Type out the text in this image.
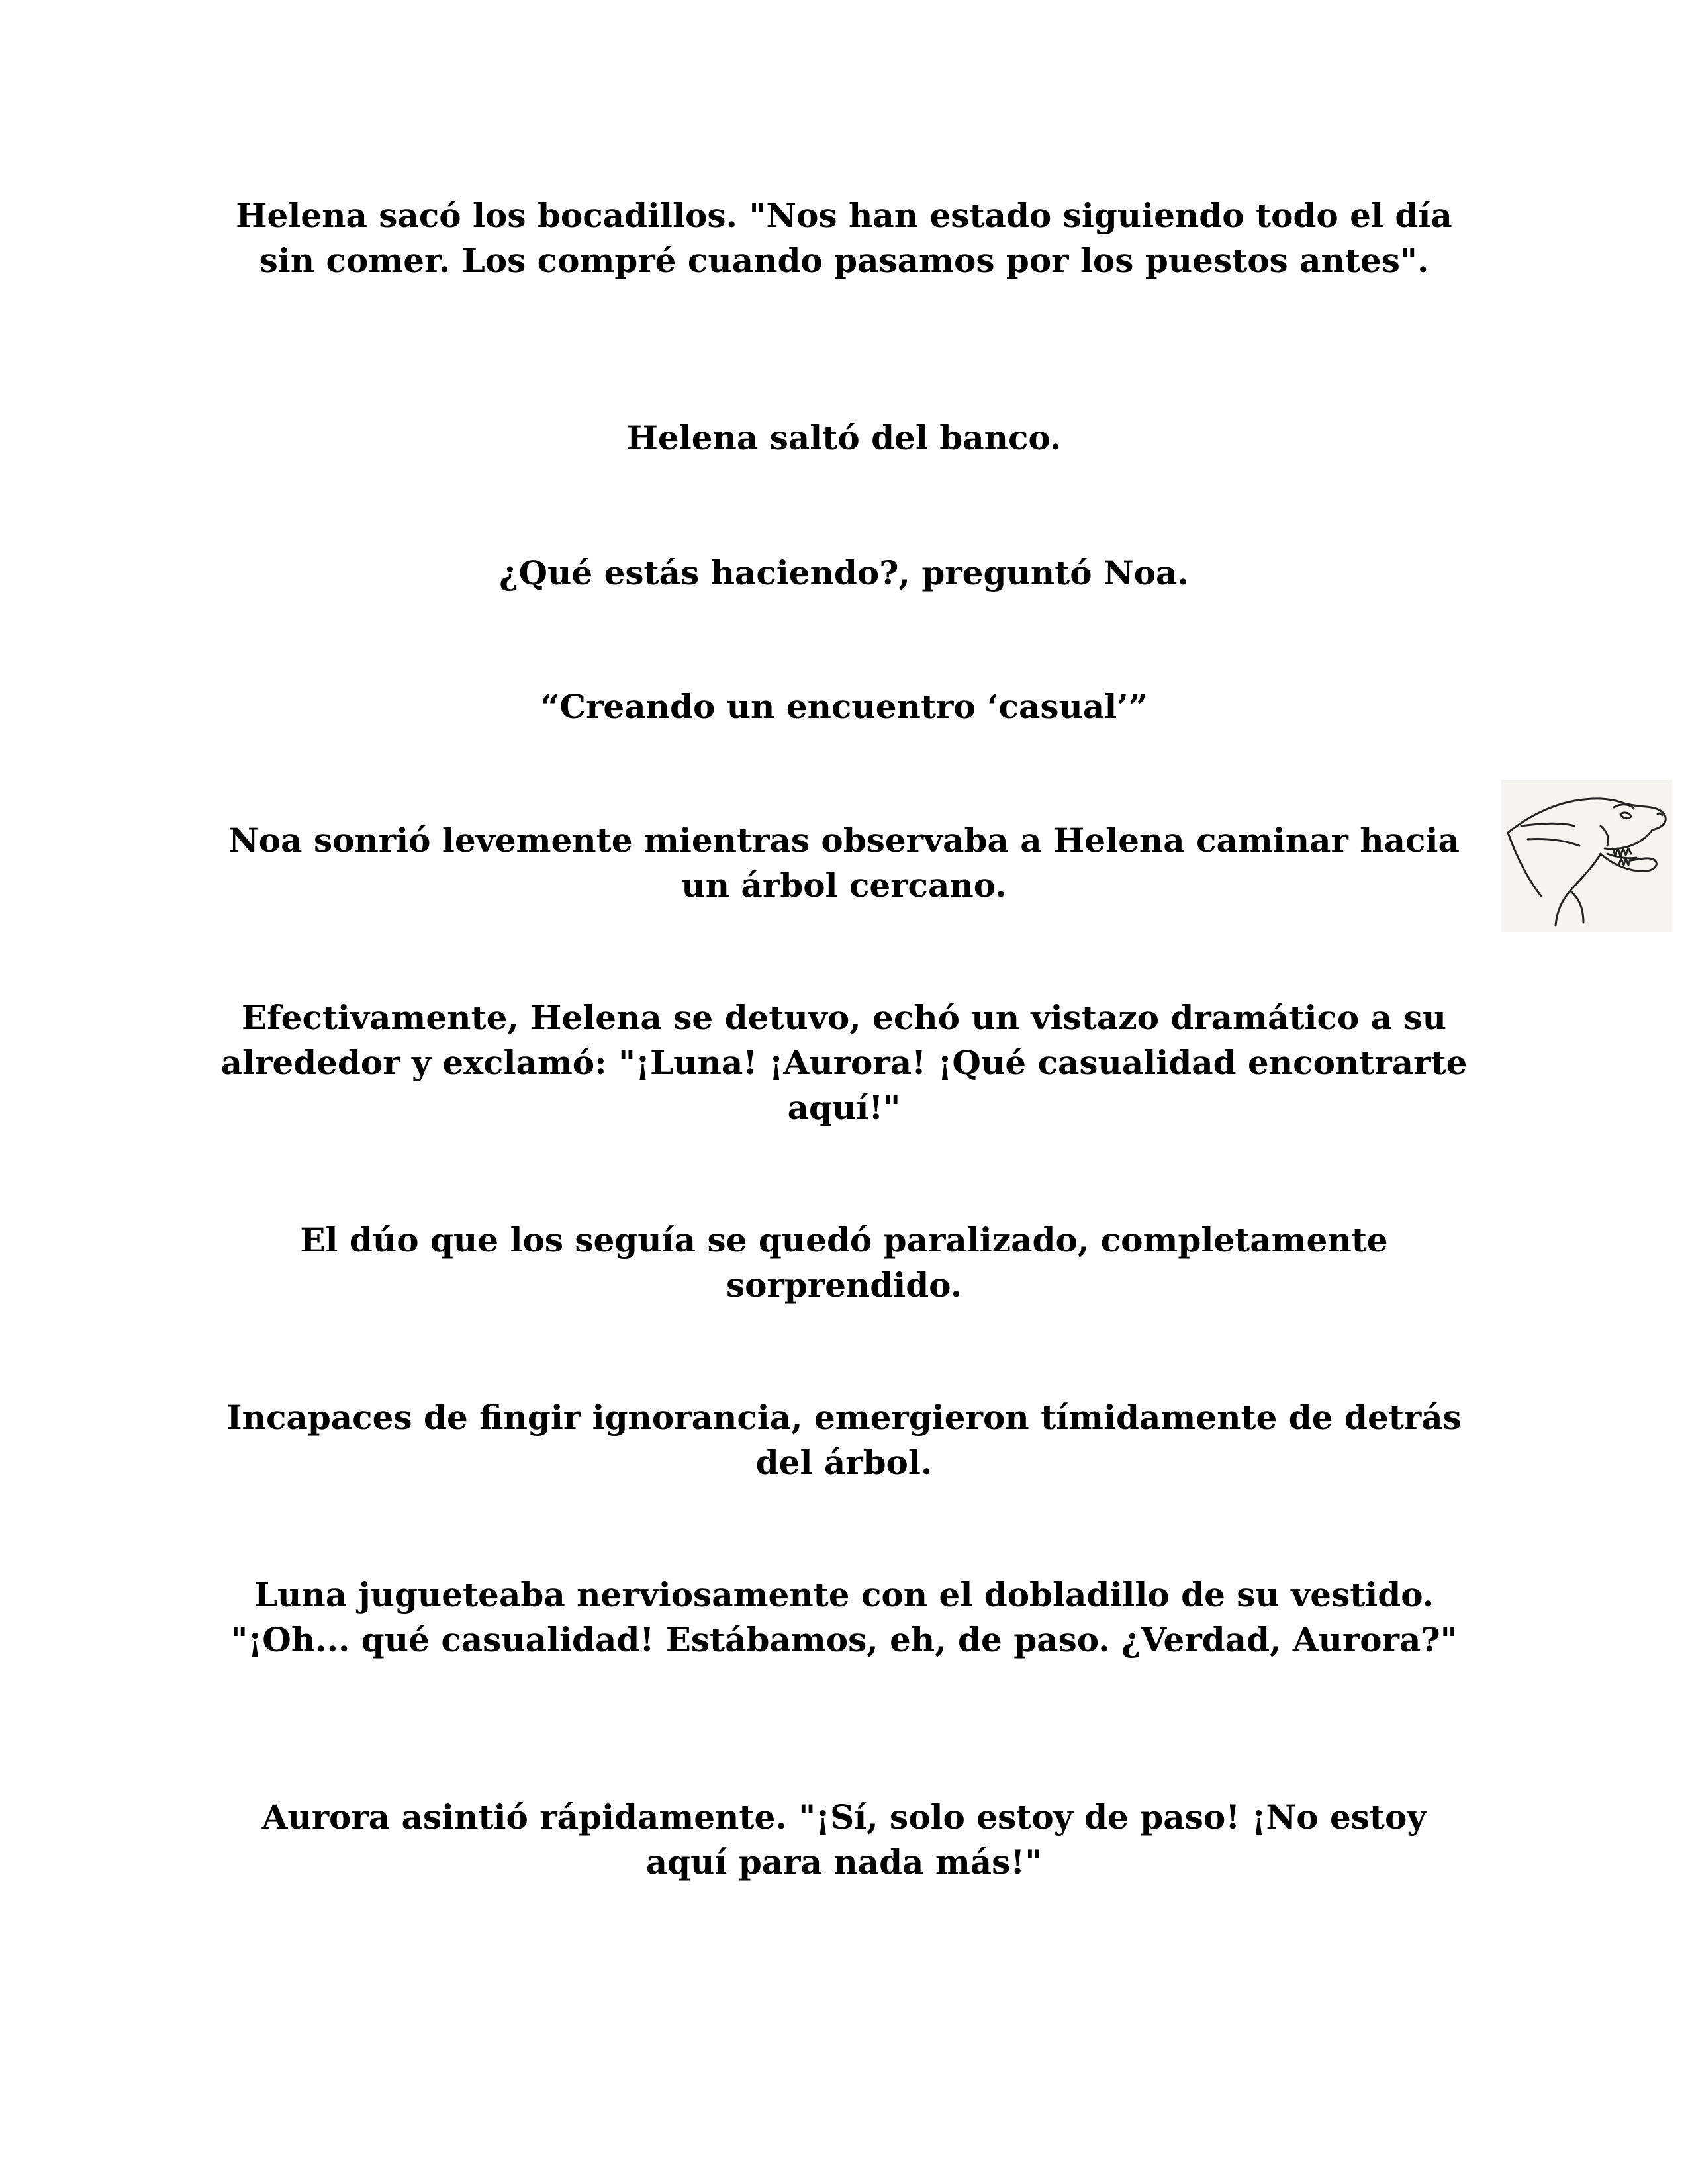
Helena sacó los bocadillos. "Nos han estado siguiendo todo el día sin comer. Los compré cuando pasamos por los puestos antes".
Helena saltó del banco.
¿Qué estás haciendo?, preguntó Noa.
“Creando un encuentro ‘casual’”
Noa sonrió levemente mientras observaba a Helena caminar hacia un árbol cercano.
Efectivamente, Helena se detuvo, echó un vistazo dramático a su alrededor y exclamó: "¡Luna! ¡Aurora! ¡Qué casualidad encontrarte aquí!"
El dúo que los seguía se quedó paralizado, completamente sorprendido.
Incapaces de fingir ignorancia, emergieron tímidamente de detrás del árbol.
Luna jugueteaba nerviosamente con el dobladillo de su vestido. "¡Oh... qué casualidad! Estábamos, eh, de paso. ¿Verdad, Aurora?"
Aurora asintió rápidamente. "¡Sí, solo estoy de paso! ¡No estoy aquí para nada más!"
